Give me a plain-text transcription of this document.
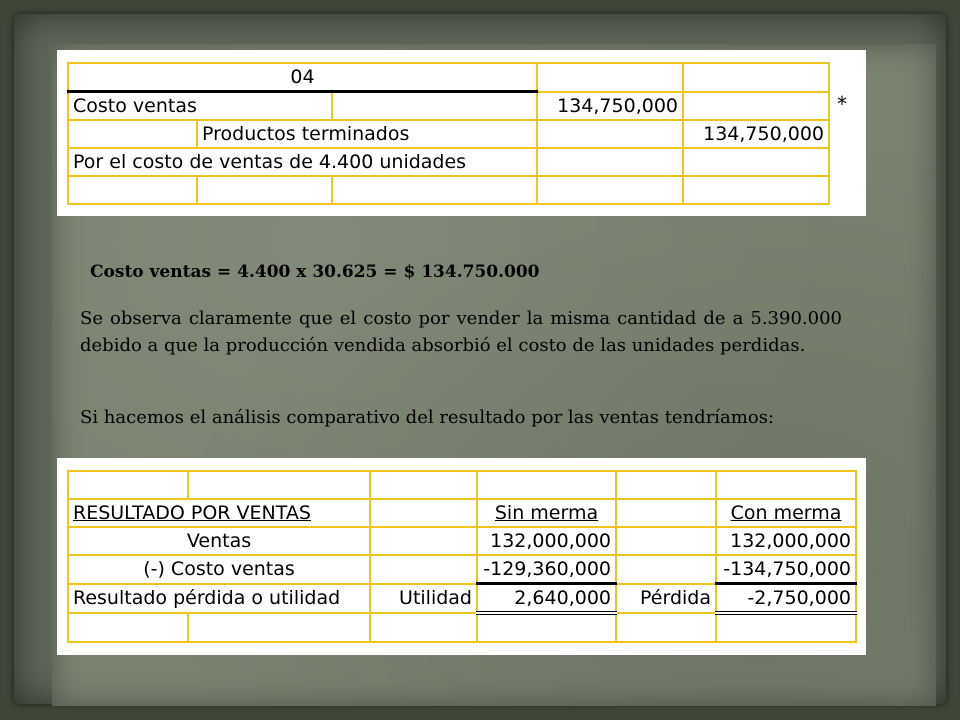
04				
Costo ventas			134,750,000	
	Productos terminados			134,750,000
Por el costo de ventas de 4.400 unidades				

*
Costo ventas = 4.400 x 30.625 = $ 134.750.000

Se observa claramente que el costo por vender la misma cantidad de a 5.390.000 debido a que la producción vendida absorbió el costo de las unidades perdidas.

Si hacemos el análisis comparativo del resultado por las ventas tendríamos:

RESULTADO POR VENTAS			Sin merma		Con merma
Ventas			132,000,000		132,000,000
(-) Costo ventas			-129,360,000		-134,750,000
Resultado pérdida o utilidad		Utilidad	2,640,000	Pérdida	-2,750,000
